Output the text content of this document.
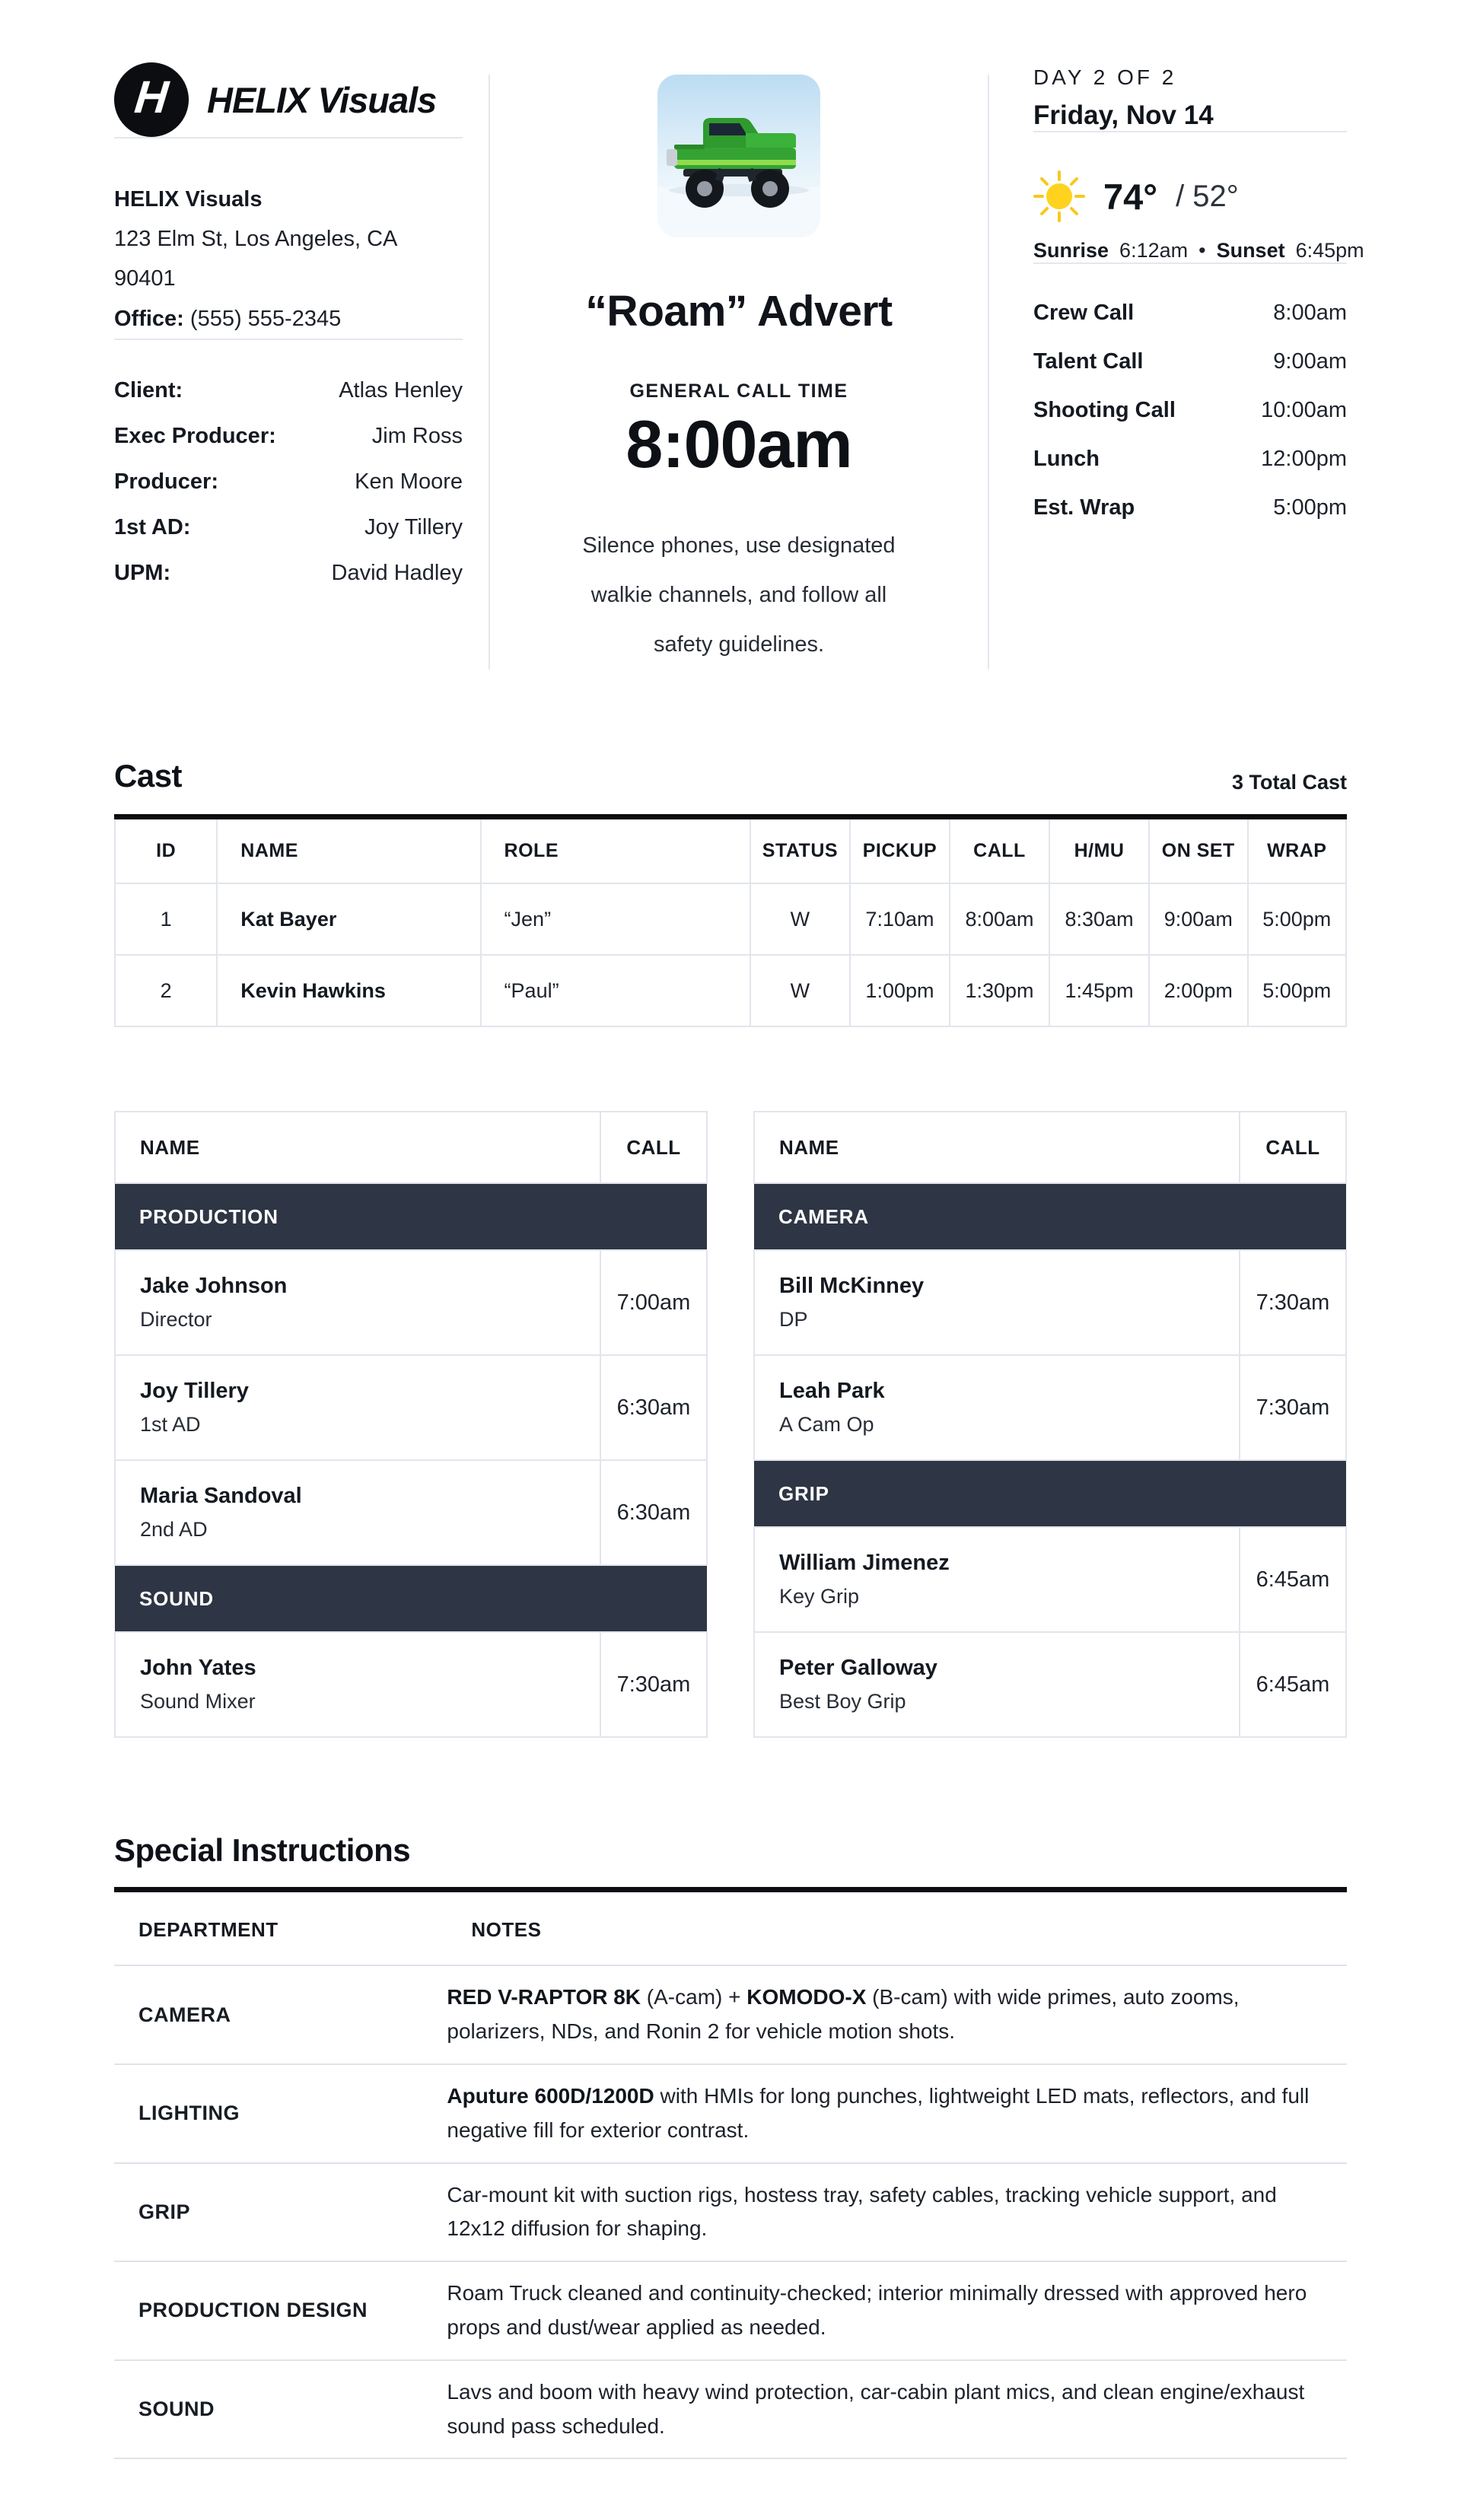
H HELIX Visuals
HELIX Visuals
123 Elm St, Los Angeles, CA 90401
Office: (555) 555-2345
Client:	Atlas Henley
Exec Producer:	Jim Ross
Producer:	Ken Moore
1st AD:	Joy Tillery
UPM:	David Hadley
“Roam” Advert
GENERAL CALL TIME
8:00am
Silence phones, use designated walkie channels, and follow all safety guidelines.
DAY 2 OF 2
Friday, Nov 14
74° / 52°
Sunrise 6:12am • Sunset 6:45pm
Crew Call	8:00am
Talent Call	9:00am
Shooting Call	10:00am
Lunch	12:00pm
Est. Wrap	5:00pm
Cast	3 Total Cast
ID	NAME	ROLE	STATUS	PICKUP	CALL	H/MU	ON SET	WRAP
1	Kat Bayer	“Jen”	W	7:10am	8:00am	8:30am	9:00am	5:00pm
2	Kevin Hawkins	“Paul”	W	1:00pm	1:30pm	1:45pm	2:00pm	5:00pm
NAME	CALL
PRODUCTION	

Jake Johnson
Director	7:00am

Joy Tillery
1st AD	6:30am

Maria Sandoval
2nd AD	6:30am
SOUND	

John Yates
Sound Mixer	7:30am
NAME	CALL
CAMERA	

Bill McKinney
DP	7:30am

Leah Park
A Cam Op	7:30am
GRIP	

William Jimenez
Key Grip	6:45am

Peter Galloway
Best Boy Grip	6:45am
Special Instructions
DEPARTMENT	NOTES
CAMERA	RED V-RAPTOR 8K (A-cam) + KOMODO-X (B-cam) with wide primes, auto zooms, polarizers, NDs, and Ronin 2 for vehicle motion shots.
LIGHTING	Aputure 600D/1200D with HMIs for long punches, lightweight LED mats, reflectors, and full negative fill for exterior contrast.
GRIP	Car-mount kit with suction rigs, hostess tray, safety cables, tracking vehicle support, and 12x12 diffusion for shaping.
PRODUCTION DESIGN	Roam Truck cleaned and continuity-checked; interior minimally dressed with approved hero props and dust/wear applied as needed.
SOUND	Lavs and boom with heavy wind protection, car-cabin plant mics, and clean engine/exhaust sound pass scheduled.
